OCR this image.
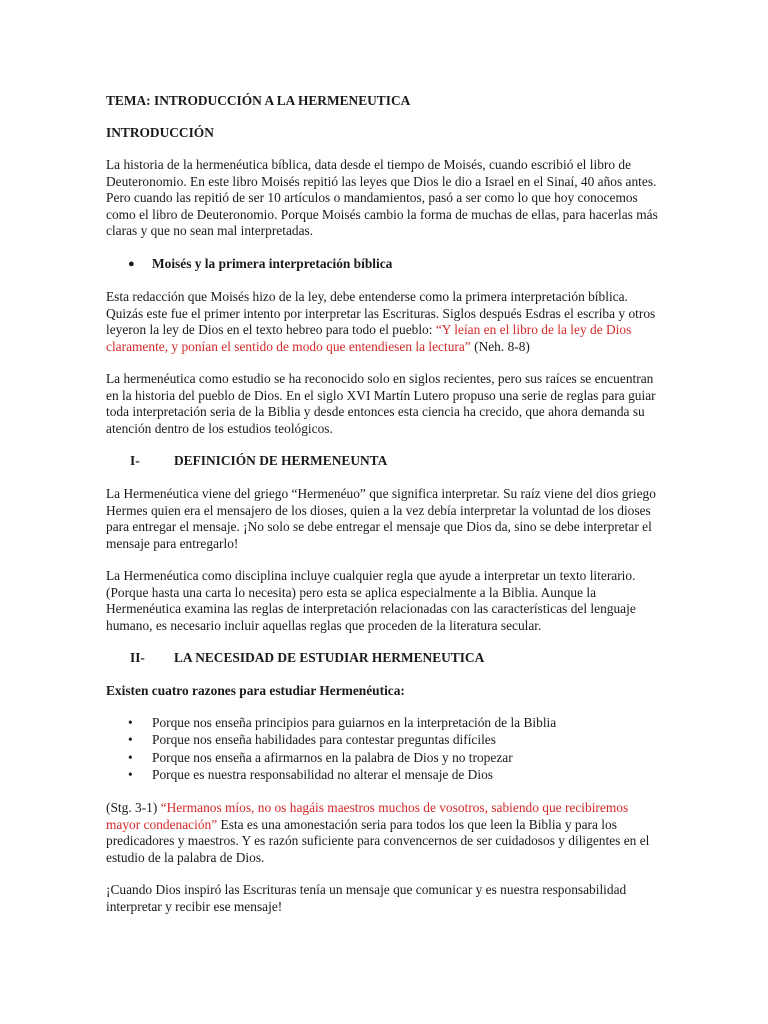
TEMA: INTRODUCCIÓN A LA HERMENEUTICA

INTRODUCCIÓN

La historia de la hermenéutica bíblica, data desde el tiempo de Moisés, cuando escribió el libro de Deuteronomio. En este libro Moisés repitió las leyes que Dios le dio a Israel en el Sinaí, 40 años antes. Pero cuando las repitió de ser 10 artículos o mandamientos, pasó a ser como lo que hoy conocemos como el libro de Deuteronomio. Porque Moisés cambio la forma de muchas de ellas, para hacerlas más claras y que no sean mal interpretadas.

● Moisés y la primera interpretación bíblica

Esta redacción que Moisés hizo de la ley, debe entenderse como la primera interpretación bíblica. Quizás este fue el primer intento por interpretar las Escrituras. Siglos después Esdras el escriba y otros leyeron la ley de Dios en el texto hebreo para todo el pueblo: “Y leían en el libro de la ley de Dios claramente, y ponían el sentido de modo que entendiesen la lectura” (Neh. 8-8)

La hermenéutica como estudio se ha reconocido solo en siglos recientes, pero sus raíces se encuentran en la historia del pueblo de Dios. En el siglo XVI Martín Lutero propuso una serie de reglas para guiar toda interpretación seria de la Biblia y desde entonces esta ciencia ha crecido, que ahora demanda su atención dentro de los estudios teológicos.

I-	DEFINICIÓN DE HERMENEUNTA

La Hermenéutica viene del griego “Hermenéuo” que significa interpretar. Su raíz viene del dios griego Hermes quien era el mensajero de los dioses, quien a la vez debía interpretar la voluntad de los dioses para entregar el mensaje. ¡No solo se debe entregar el mensaje que Dios da, sino se debe interpretar el mensaje para entregarlo!

La Hermenéutica como disciplina incluye cualquier regla que ayude a interpretar un texto literario. (Porque hasta una carta lo necesita) pero esta se aplica especialmente a la Biblia. Aunque la Hermenéutica examina las reglas de interpretación relacionadas con las características del lenguaje humano, es necesario incluir aquellas reglas que proceden de la literatura secular.

II-	LA NECESIDAD DE ESTUDIAR HERMENEUTICA

Existen cuatro razones para estudiar Hermenéutica:

• Porque nos enseña principios para guiarnos en la interpretación de la Biblia
• Porque nos enseña habilidades para contestar preguntas difíciles
• Porque nos enseña a afirmarnos en la palabra de Dios y no tropezar
• Porque es nuestra responsabilidad no alterar el mensaje de Dios

(Stg. 3-1) “Hermanos míos, no os hagáis maestros muchos de vosotros, sabiendo que recibiremos mayor condenación” Esta es una amonestación seria para todos los que leen la Biblia y para los predicadores y maestros. Y es razón suficiente para convencernos de ser cuidadosos y diligentes en el estudio de la palabra de Dios.

¡Cuando Dios inspiró las Escrituras tenía un mensaje que comunicar y es nuestra responsabilidad interpretar y recibir ese mensaje!
